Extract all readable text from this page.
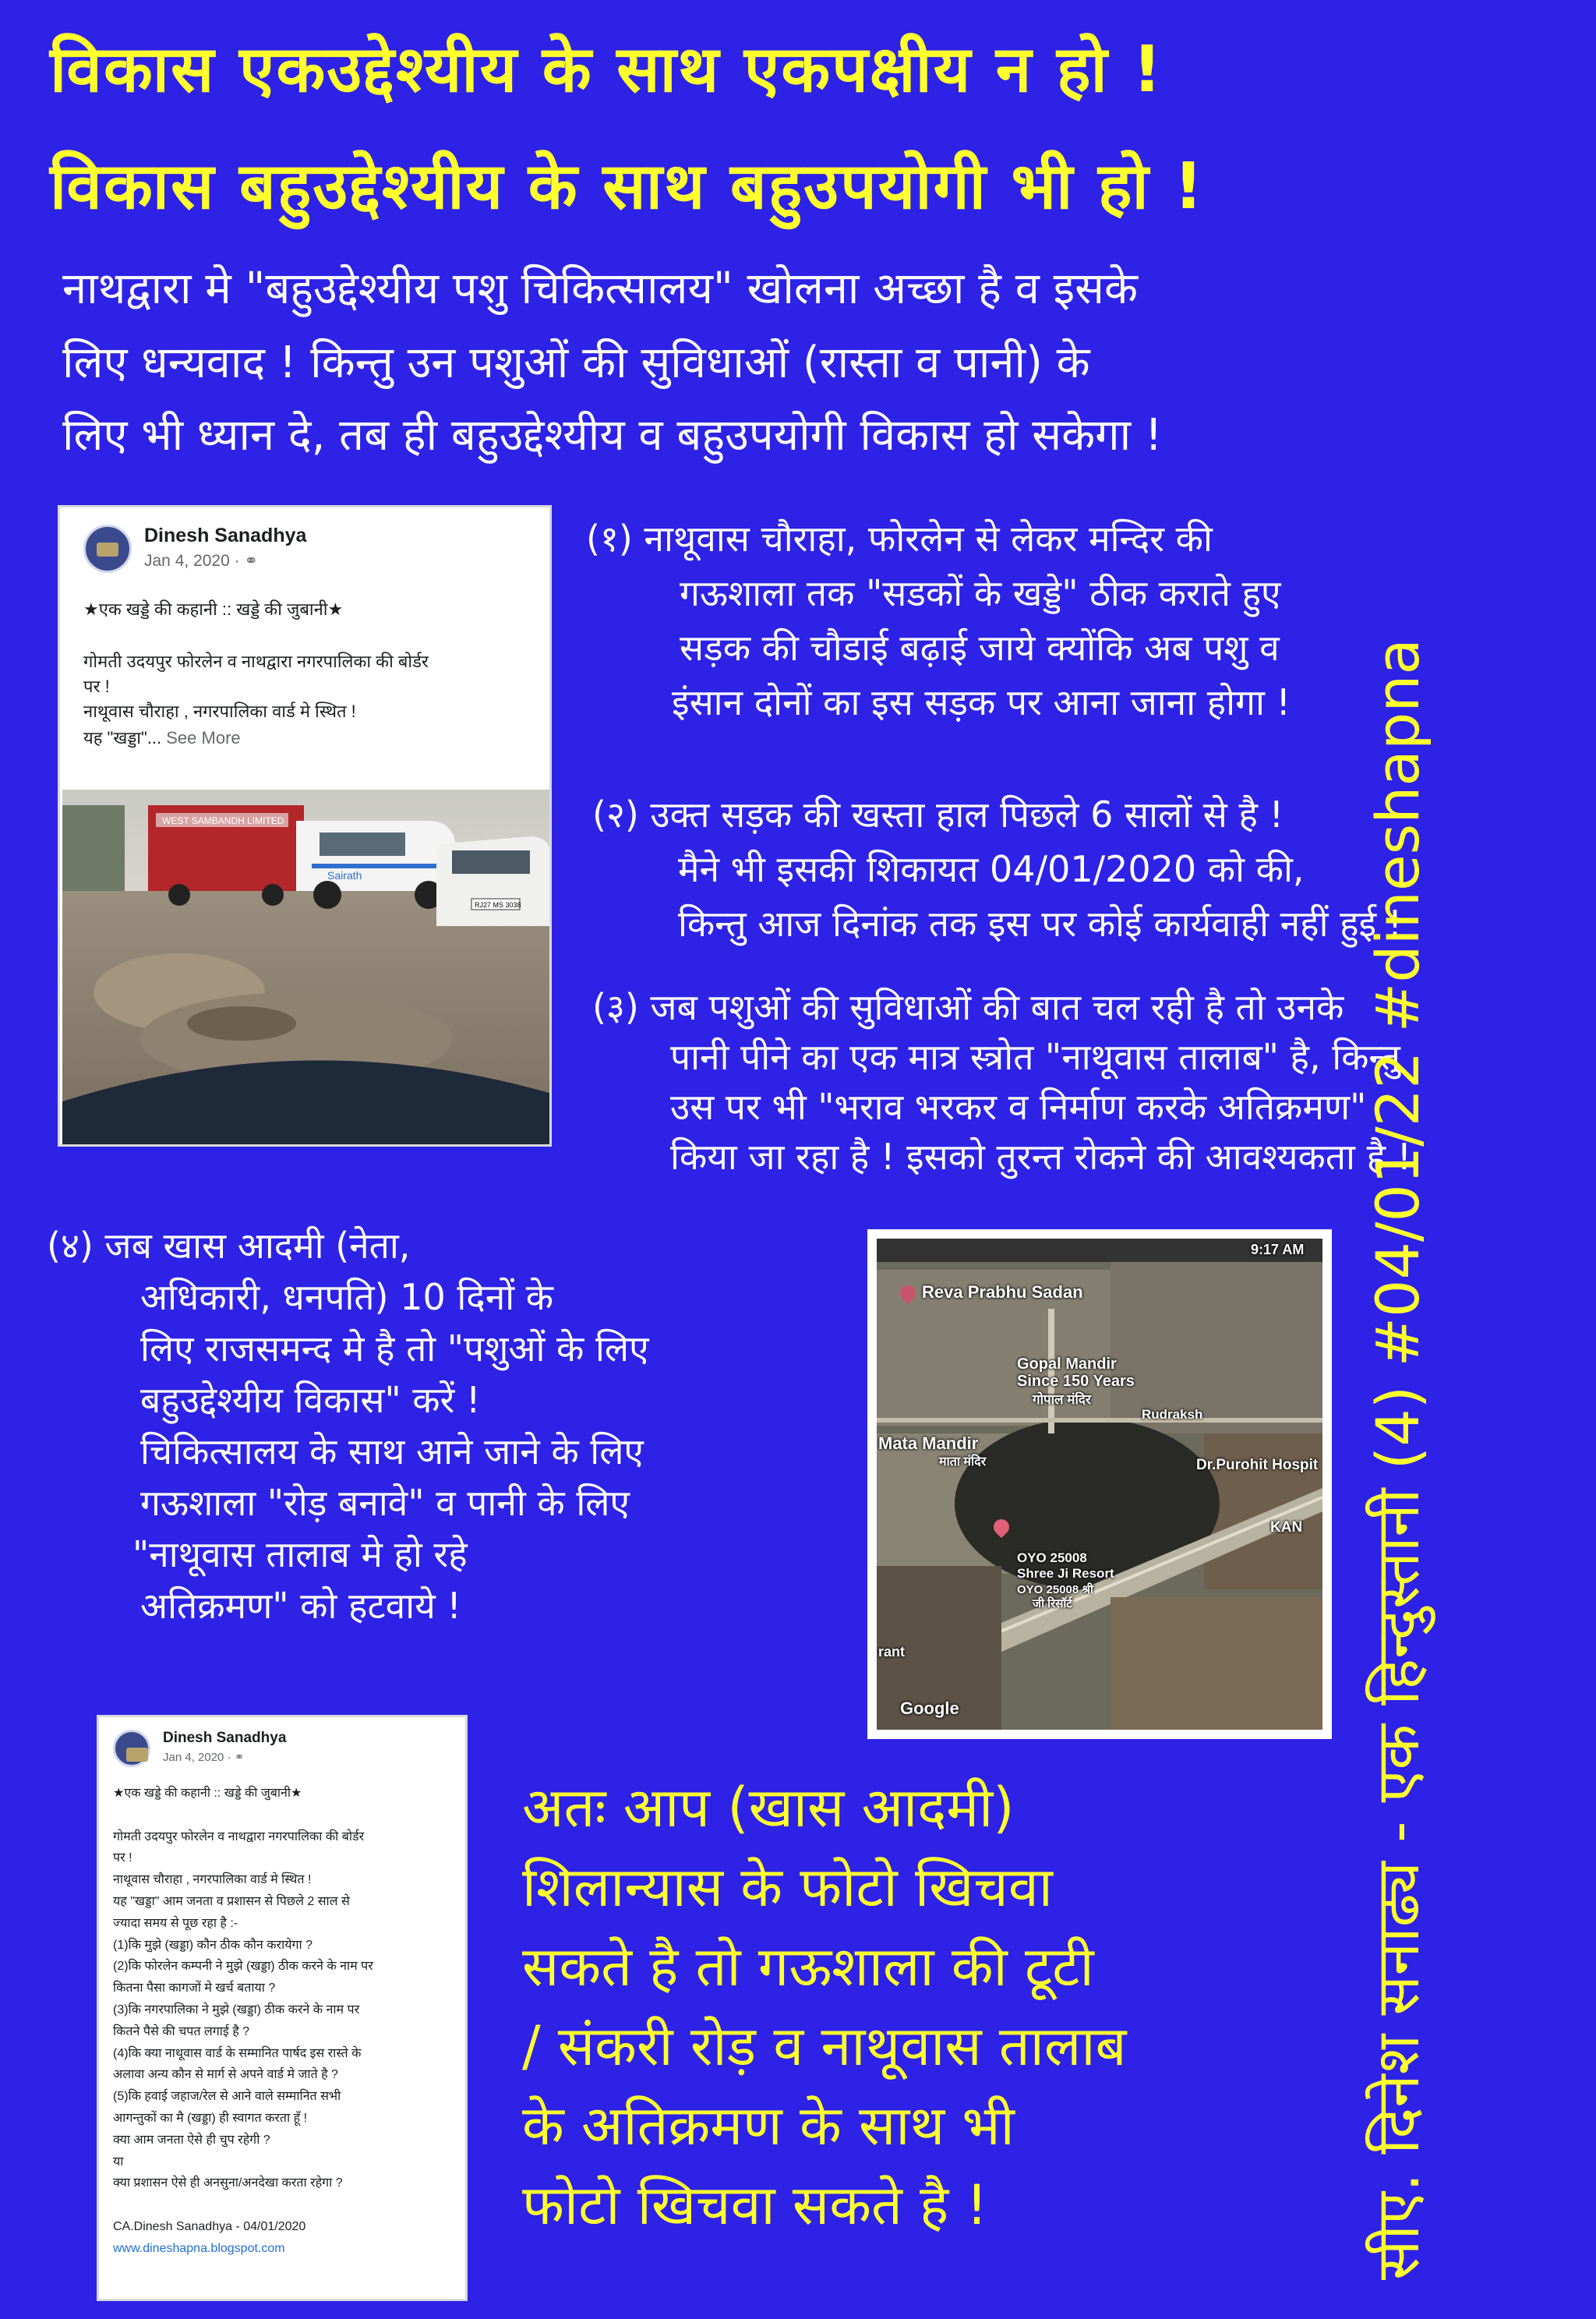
विकास एकउद्देश्यीय के साथ एकपक्षीय न हो !
विकास बहुउद्देश्यीय के साथ बहुउपयोगी भी हो !
नाथद्वारा मे "बहुउद्देश्यीय पशु चिकित्सालय" खोलना अच्छा है व इसके
लिए धन्यवाद ! किन्तु उन पशुओं की सुविधाओं (रास्ता व पानी) के
लिए भी ध्यान दे, तब ही बहुउद्देश्यीय व बहुउपयोगी विकास हो सकेगा !
Dinesh Sanadhya
Jan 4, 2020 · ⚭
★एक खड्डे की कहानी :: खड्डे की जुबानी★
गोमती उदयपुर फोरलेन व नाथद्वारा नगरपालिका की बोर्डर
पर !
नाथूवास चौराहा , नगरपालिका वार्ड मे स्थित !
यह "खड्डा"... See More
WEST SAMBANDH LIMITED
Sairath
RJ27 MS 3038
(१) नाथूवास चौराहा, फोरलेन से लेकर मन्दिर की
गऊशाला तक "सडकों के खड्डे" ठीक कराते हुए
सड़क की चौडाई बढ़ाई जाये क्योंकि अब पशु व
इंसान दोनों का इस सड़क पर आना जाना होगा !
(२) उक्त सड़क की खस्ता हाल पिछले 6 सालों से है !
मैने भी इसकी शिकायत 04/01/2020 को की,
किन्तु आज दिनांक तक इस पर कोई कार्यवाही नहीं हुई !
(३) जब पशुओं की सुविधाओं की बात चल रही है तो उनके
पानी पीने का एक मात्र स्त्रोत "नाथूवास तालाब" है, किन्तु
उस पर भी "भराव भरकर व निर्माण करके अतिक्रमण"
किया जा रहा है ! इसको तुरन्त रोकने की आवश्यकता है !
(४) जब खास आदमी (नेता,
अधिकारी, धनपति) 10 दिनों के
लिए राजसमन्द मे है तो "पशुओं के लिए
बहुउद्देश्यीय विकास" करें !
चिकित्सालय के साथ आने जाने के लिए
गऊशाला "रोड़ बनावे" व पानी के लिए
"नाथूवास तालाब मे हो रहे
अतिक्रमण" को हटवाये !
9:17 AM
Reva Prabhu Sadan
Gopal Mandir
Since 150 Years
गोपाल मंदिर
Rudraksh
Mata Mandir
माता मंदिर	Dr.Purohit Hospit
KAN
OYO 25008
Shree Ji Resort
OYO 25008 श्री
जी रिसॉर्ट
rant
Google
Dinesh Sanadhya
Jan 4, 2020 · ⚭
★एक खड्डे की कहानी :: खड्डे की जुबानी★

गोमती उदयपुर फोरलेन व नाथद्वारा नगरपालिका की बोर्डर
पर !
नाथूवास चौराहा , नगरपालिका वार्ड मे स्थित !
यह "खड्डा" आम जनता व प्रशासन से पिछले 2 साल से
ज्यादा समय से पूछ रहा है :-
(1)कि मुझे (खड्डा) कौन ठीक कौन करायेगा ?
(2)कि फोरलेन कम्पनी ने मुझे (खड्डा) ठीक करने के नाम पर
कितना पैसा कागजों मे खर्च बताया ?
(3)कि नगरपालिका ने मुझे (खड्डा) ठीक करने के नाम पर
कितने पैसे की चपत लगाई है ?
(4)कि क्या नाथूवास वार्ड के सम्मानित पार्षद इस रास्ते के
अलावा अन्य कौन से मार्ग से अपने वार्ड मे जाते है ?
(5)कि हवाई जहाज/रेल से आने वाले सम्मानित सभी
आगन्तुकों का मै (खड्डा) ही स्वागत करता हूँ !
क्या आम जनता ऐसे ही चुप रहेगी ?
या
क्या प्रशासन ऐसे ही अनसुना/अनदेखा करता रहेगा ?

CA.Dinesh Sanadhya - 04/01/2020
www.dineshapna.blogspot.com
अतः आप (खास आदमी)
शिलान्यास के फोटो खिचवा
सकते है तो गऊशाला की टूटी
/ संकरी रोड़ व नाथूवास तालाब
के अतिक्रमण के साथ भी
फोटो खिचवा सकते है !	सीए. दिनेश सनाढ्य - एक हिन्दुस्तानी (4) #04/01/22 #dineshapna
